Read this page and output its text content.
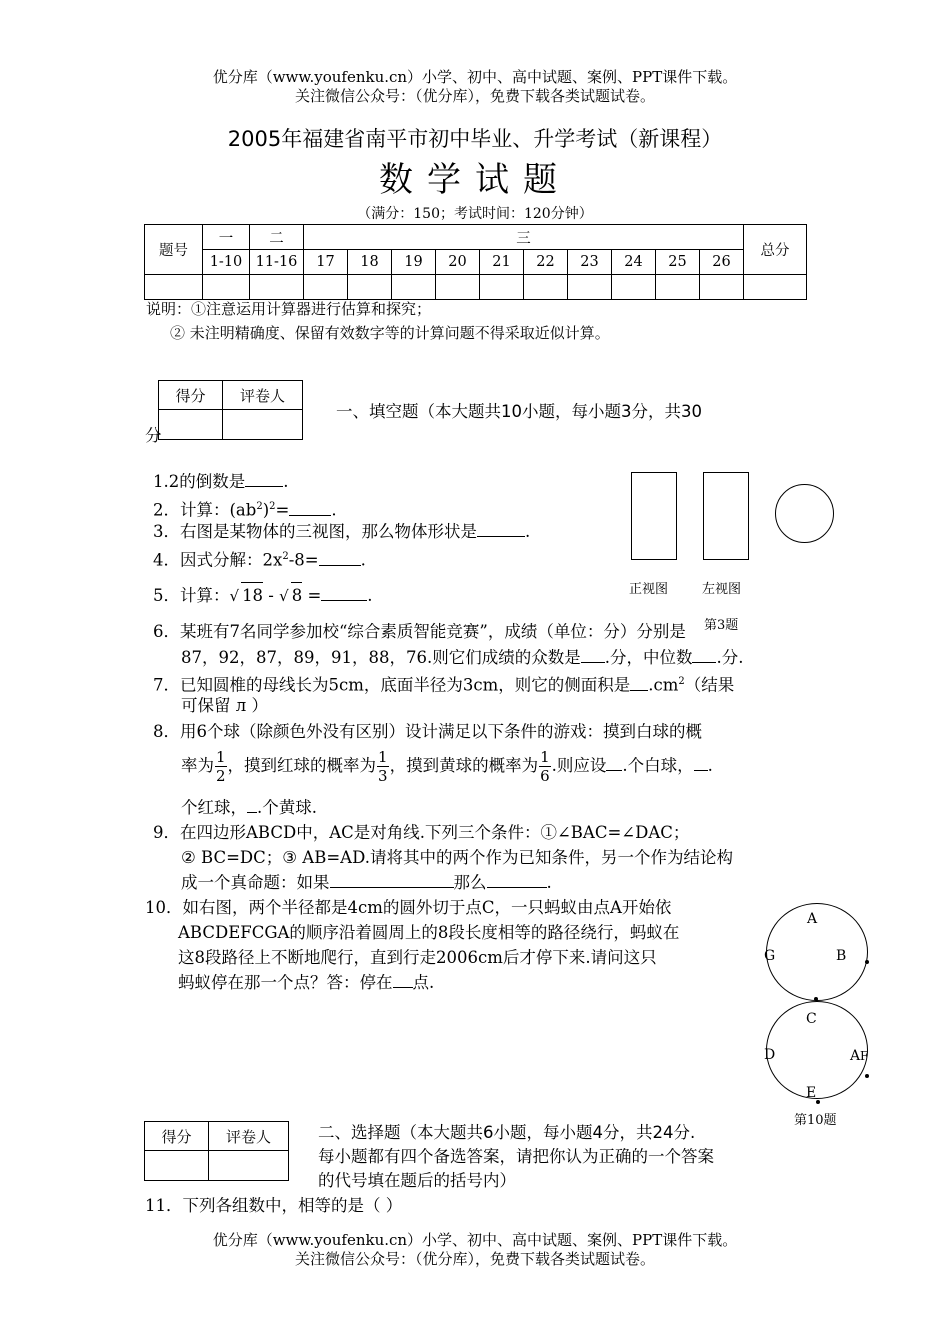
优分库（www.youfenku.cn）小学、初中、高中试题、案例、PPT课件下载。
关注微信公众号：（优分库），免费下载各类试题试卷。
2005年福建省南平市初中毕业、升学考试（新课程）
数学试题
（满分：150；考试时间：120分钟）
题号	一	二	三										总分
	1-10	11-16	17	18	19	20	21	22	23	24	25	26	

说明：①注意运用计算器进行估算和探究；
② 未注明精确度、保留有效数字等的计算问题不得采取近似计算。
得分	评卷人

一、填空题（本大题共10小题，每小题3分，共30
分
1.2的倒数是 .
2．计算：$(ab^2)^2=$	.
3．右图是某物体的三视图，那么物体形状是	.
4．因式分解：$2x^2-8=$	.
5．计算：√ 18 - √ 8 =	.	正视图	左视图
第3题
6．某班有7名同学参加校“综合素质智能竞赛”，成绩（单位：分）分别是
87，92，87，89，91，88，76.则它们成绩的众数是 .分，中位数 .分.
7．已知圆椎的母线长为5cm，底面半径为3cm，则它的侧面积是 $.cm^2$（结果
可保留 л ）
8．用6个球（除颜色外没有区别）设计满足以下条件的游戏：摸到白球的概
率为 $\frac{1}{2}$ ，摸到红球的概率为 $\frac{1}{3}$ ，摸到黄球的概率为 $\frac{1}{6}$ .则应设 .个白球， .
个红球， .个黄球.
9．在四边形ABCD中，AC是对角线.下列三个条件：①∠BAC=∠DAC；
② BC=DC；③ AB=AD.请将其中的两个作为已知条件，另一个作为结论构
成一个真命题：如果	那么	.
10．如右图，两个半径都是4cm的圆外切于点C，一只蚂蚁由点A开始依
ABCDEFCGA的顺序沿着圆周上的8段长度相等的路径绕行，蚂蚁在
这8段路径上不断地爬行，直到行走2006cm后才停下来.请问这只
蚂蚁停在那一个点？答：停在 点.
A
B
G
C
D	A F
E
第10题
得分	评卷人
		二、选择题（本大题共6小题，每小题4分，共24分.
每小题都有四个备选答案，请把你认为正确的一个答案
的代号填在题后的括号内）
11．下列各组数中，相等的是（ ）
优分库（www.youfenku.cn）小学、初中、高中试题、案例、PPT课件下载。
关注微信公众号：（优分库），免费下载各类试题试卷。
